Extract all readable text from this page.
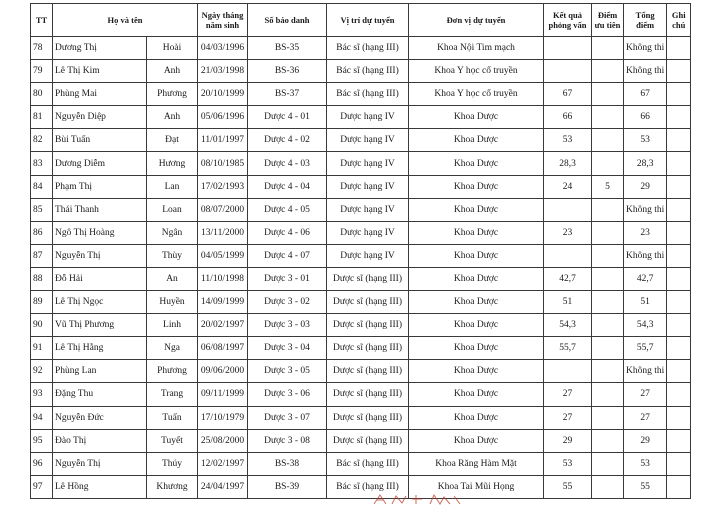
TT	Họ và tên		Ngày tháng năm sinh	Số báo danh	Vị trí dự tuyển	Đơn vị dự tuyển	Kết quả phỏng vấn	Điểm ưu tiên	Tổng điểm	Ghi chú
78	Dương Thị	Hoài	04/03/1996	BS-35	Bác sĩ (hạng III)	Khoa Nội Tim mạch			Không thi	
79	Lê Thị Kim	Anh	21/03/1998	BS-36	Bác sĩ (hạng III)	Khoa Y học cổ truyền			Không thi	
80	Phùng Mai	Phương	20/10/1999	BS-37	Bác sĩ (hạng III)	Khoa Y học cổ truyền	67		67	
81	Nguyễn Diệp	Anh	05/06/1996	Dược 4 - 01	Dược hạng IV	Khoa Dược	66		66	
82	Bùi Tuấn	Đạt	11/01/1997	Dược 4 - 02	Dược hạng IV	Khoa Dược	53		53	
83	Dương Diễm	Hương	08/10/1985	Dược 4 - 03	Dược hạng IV	Khoa Dược	28,3		28,3	
84	Phạm Thị	Lan	17/02/1993	Dược 4 - 04	Dược hạng IV	Khoa Dược	24	5	29	
85	Thái Thanh	Loan	08/07/2000	Dược 4 - 05	Dược hạng IV	Khoa Dược			Không thi	
86	Ngô Thị Hoàng	Ngân	13/11/2000	Dược 4 - 06	Dược hạng IV	Khoa Dược	23		23	
87	Nguyễn Thị	Thùy	04/05/1999	Dược 4 - 07	Dược hạng IV	Khoa Dược			Không thi	
88	Đỗ Hải	An	11/10/1998	Dược 3 - 01	Dược sĩ (hạng III)	Khoa Dược	42,7		42,7	
89	Lê Thị Ngọc	Huyền	14/09/1999	Dược 3 - 02	Dược sĩ (hạng III)	Khoa Dược	51		51	
90	Vũ Thị Phương	Linh	20/02/1997	Dược 3 - 03	Dược sĩ (hạng III)	Khoa Dược	54,3		54,3	
91	Lê Thị Hằng	Nga	06/08/1997	Dược 3 - 04	Dược sĩ (hạng III)	Khoa Dược	55,7		55,7	
92	Phùng Lan	Phương	09/06/2000	Dược 3 - 05	Dược sĩ (hạng III)	Khoa Dược			Không thi	
93	Đặng Thu	Trang	09/11/1999	Dược 3 - 06	Dược sĩ (hạng III)	Khoa Dược	27		27	
94	Nguyễn Đức	Tuấn	17/10/1979	Dược 3 - 07	Dược sĩ (hạng III)	Khoa Dược	27		27	
95	Đào Thị	Tuyết	25/08/2000	Dược 3 - 08	Dược sĩ (hạng III)	Khoa Dược	29		29	
96	Nguyễn Thị	Thúy	12/02/1997	BS-38	Bác sĩ (hạng III)	Khoa Răng Hàm Mặt	53		53	
97	Lê Hồng	Khương	24/04/1997	BS-39	Bác sĩ (hạng III)	Khoa Tai Mũi Họng	55		55	
